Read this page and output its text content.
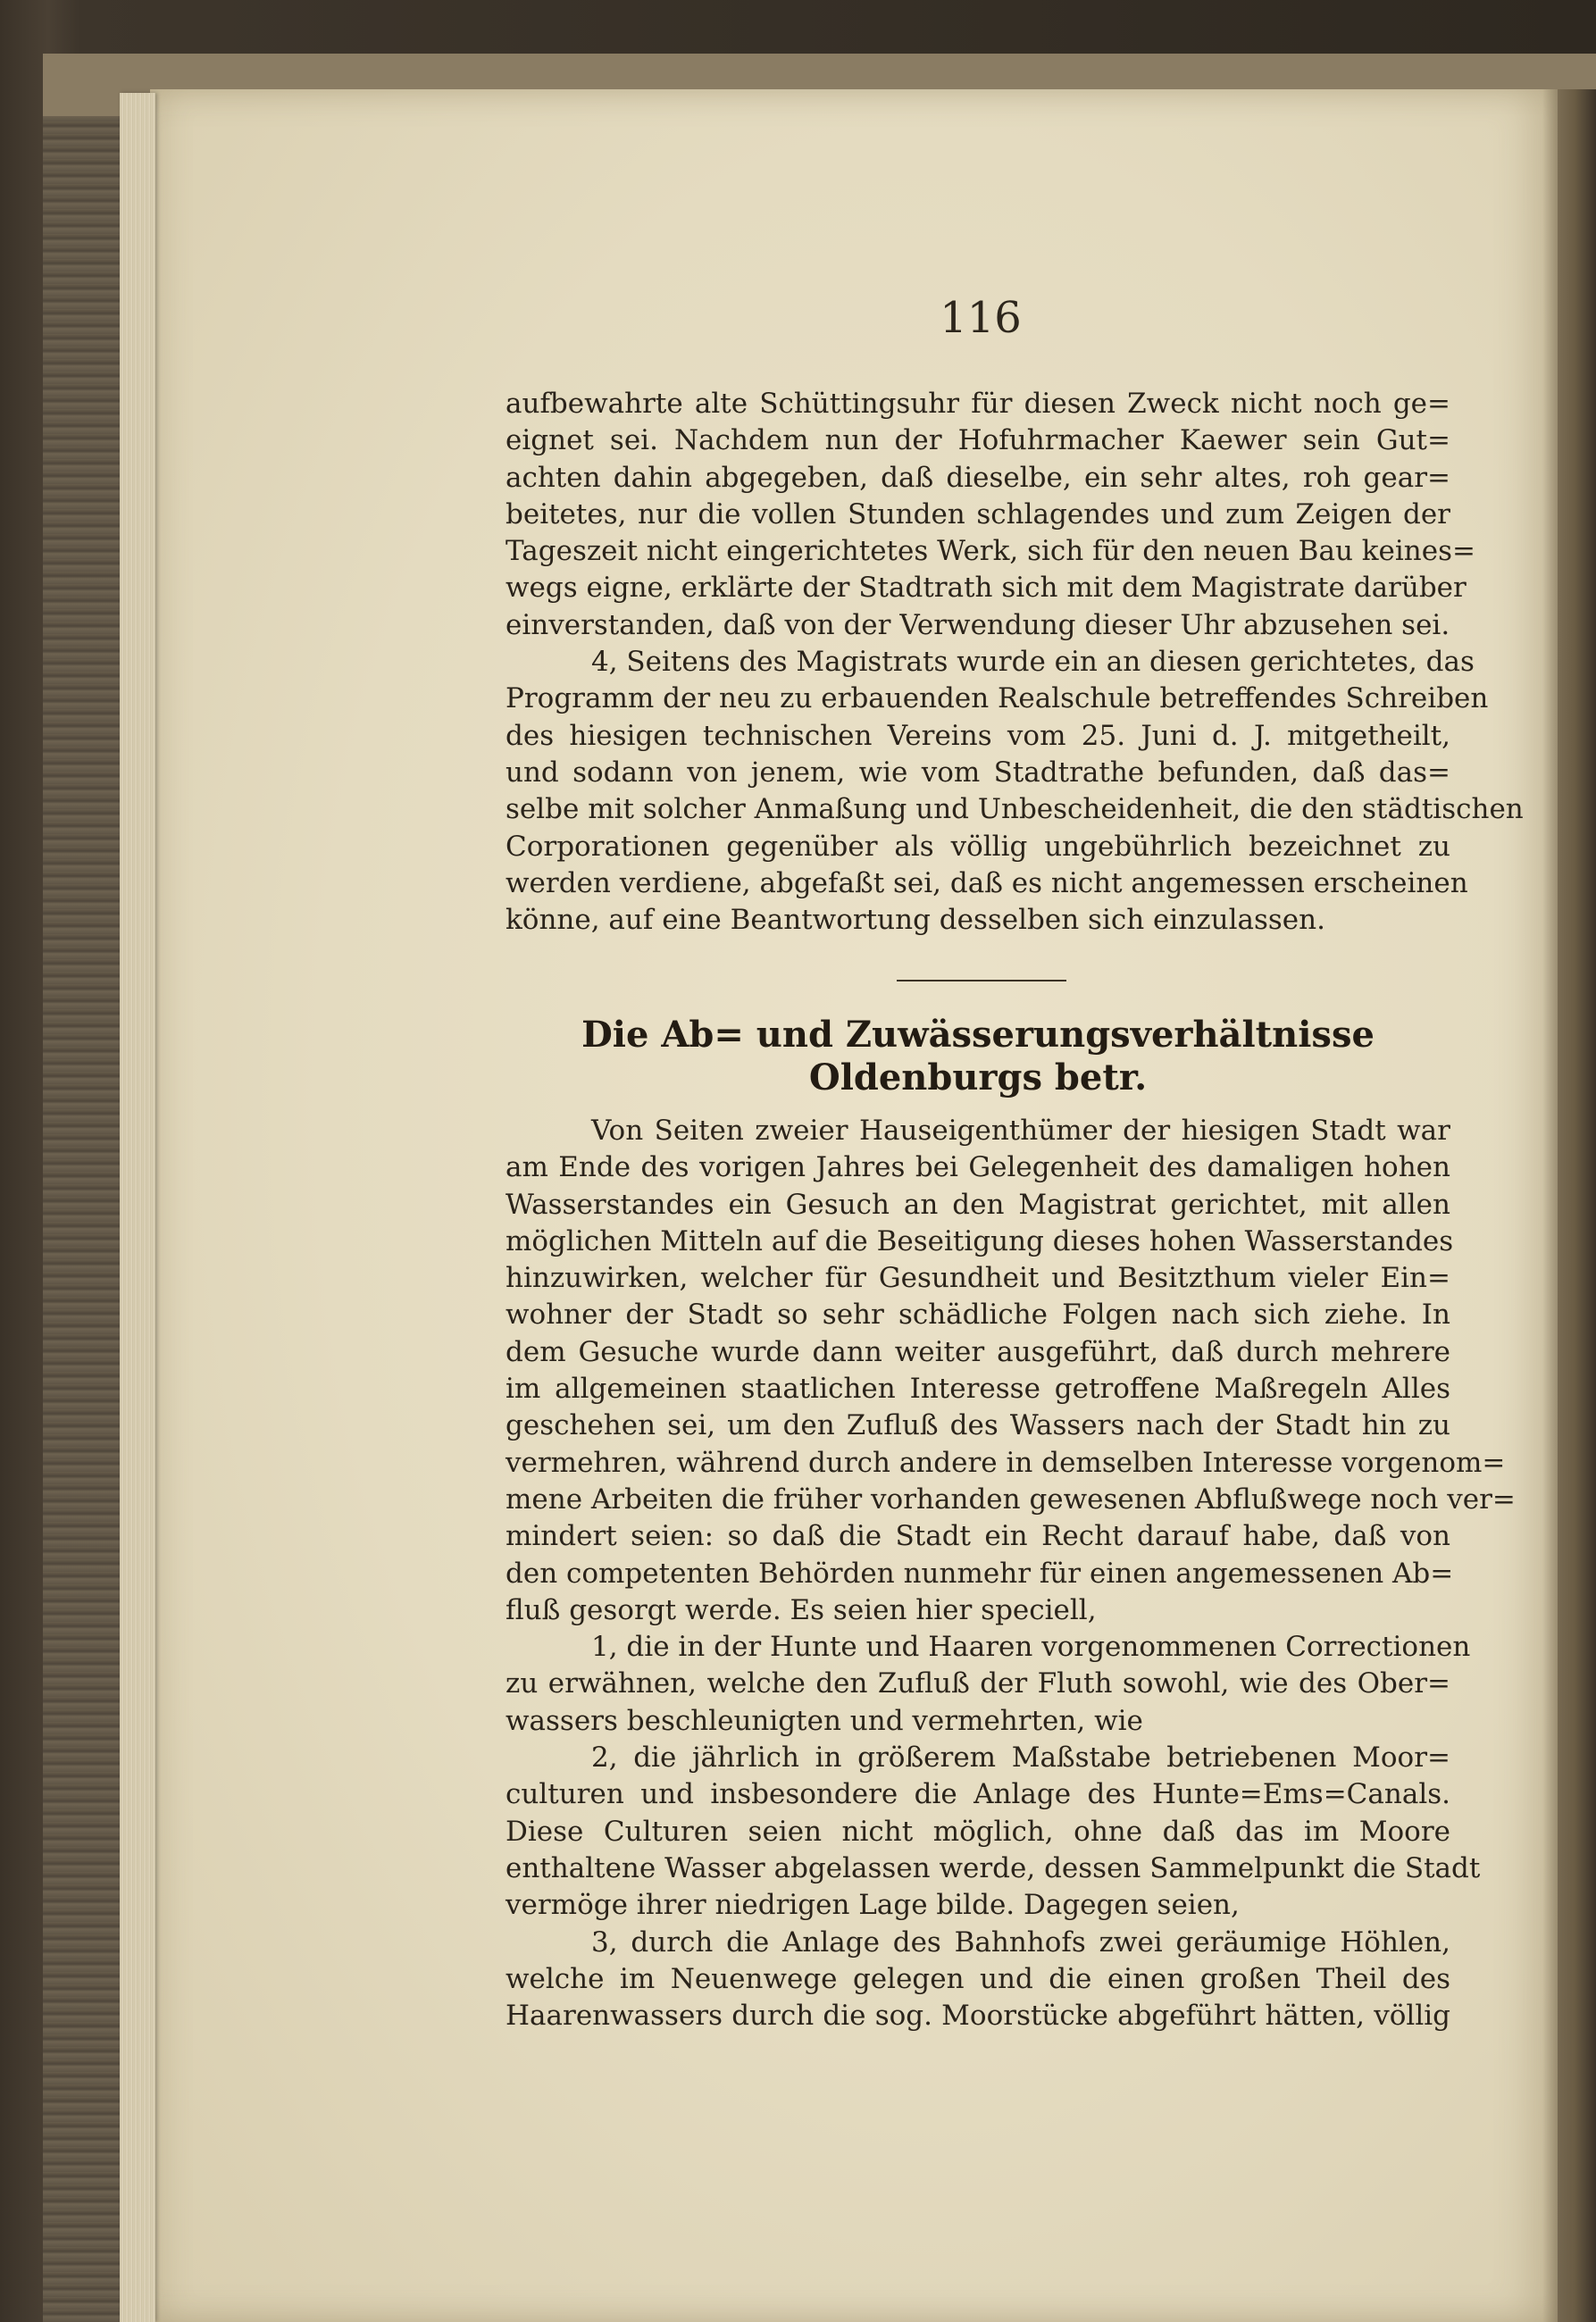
116
aufbewahrte alte Schüttingsuhr für diesen Zweck nicht noch ge=
eignet sei. Nachdem nun der Hofuhrmacher Kaewer sein Gut=
achten dahin abgegeben, daß dieselbe, ein sehr altes, roh gear=
beitetes, nur die vollen Stunden schlagendes und zum Zeigen der
Tageszeit nicht eingerichtetes Werk, sich für den neuen Bau keines=
wegs eigne, erklärte der Stadtrath sich mit dem Magistrate darüber
einverstanden, daß von der Verwendung dieser Uhr abzusehen sei.
4, Seitens des Magistrats wurde ein an diesen gerichtetes, das
Programm der neu zu erbauenden Realschule betreffendes Schreiben
des hiesigen technischen Vereins vom 25. Juni d. J. mitgetheilt,
und sodann von jenem, wie vom Stadtrathe befunden, daß das=
selbe mit solcher Anmaßung und Unbescheidenheit, die den städtischen
Corporationen gegenüber als völlig ungebührlich bezeichnet zu
werden verdiene, abgefaßt sei, daß es nicht angemessen erscheinen
könne, auf eine Beantwortung desselben sich einzulassen.
Die Ab= und Zuwässerungsverhältnisse
Oldenburgs betr.
Von Seiten zweier Hauseigenthümer der hiesigen Stadt war
am Ende des vorigen Jahres bei Gelegenheit des damaligen hohen
Wasserstandes ein Gesuch an den Magistrat gerichtet, mit allen
möglichen Mitteln auf die Beseitigung dieses hohen Wasserstandes
hinzuwirken, welcher für Gesundheit und Besitzthum vieler Ein=
wohner der Stadt so sehr schädliche Folgen nach sich ziehe. In
dem Gesuche wurde dann weiter ausgeführt, daß durch mehrere
im allgemeinen staatlichen Interesse getroffene Maßregeln Alles
geschehen sei, um den Zufluß des Wassers nach der Stadt hin zu
vermehren, während durch andere in demselben Interesse vorgenom=
mene Arbeiten die früher vorhanden gewesenen Abflußwege noch ver=
mindert seien: so daß die Stadt ein Recht darauf habe, daß von
den competenten Behörden nunmehr für einen angemessenen Ab=
fluß gesorgt werde. Es seien hier speciell,
1, die in der Hunte und Haaren vorgenommenen Correctionen
zu erwähnen, welche den Zufluß der Fluth sowohl, wie des Ober=
wassers beschleunigten und vermehrten, wie
2, die jährlich in größerem Maßstabe betriebenen Moor=
culturen und insbesondere die Anlage des Hunte=Ems=Canals.
Diese Culturen seien nicht möglich, ohne daß das im Moore
enthaltene Wasser abgelassen werde, dessen Sammelpunkt die Stadt
vermöge ihrer niedrigen Lage bilde. Dagegen seien,
3, durch die Anlage des Bahnhofs zwei geräumige Höhlen,
welche im Neuenwege gelegen und die einen großen Theil des
Haarenwassers durch die sog. Moorstücke abgeführt hätten, völlig
